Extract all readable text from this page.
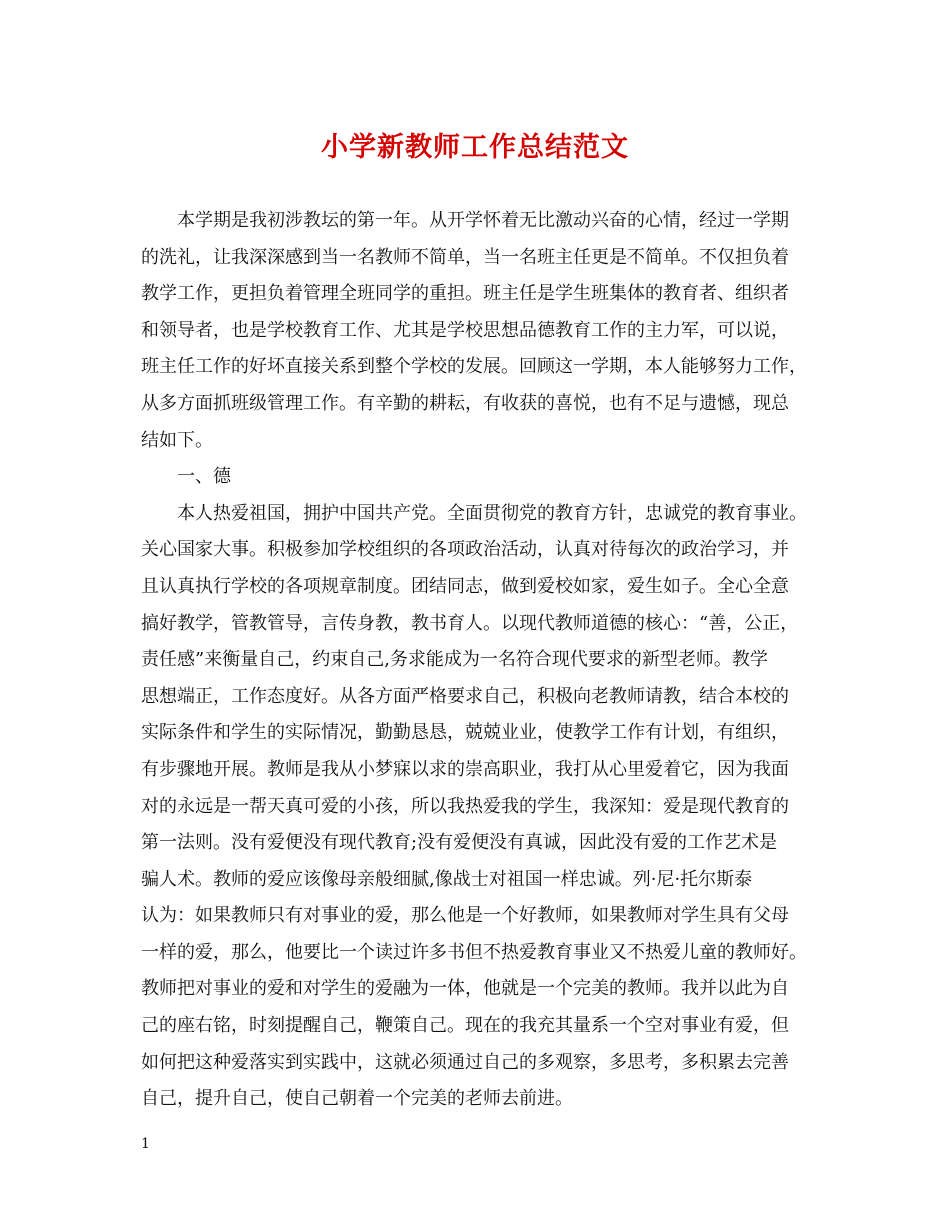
小学新教师工作总结范文
本学期是我初涉教坛的第一年。从开学怀着无比激动兴奋的心情，经过一学期
的洗礼，让我深深感到当一名教师不简单，当一名班主任更是不简单。不仅担负着
教学工作，更担负着管理全班同学的重担。班主任是学生班集体的教育者、组织者
和领导者，也是学校教育工作、尤其是学校思想品德教育工作的主力军，可以说，
班主任工作的好坏直接关系到整个学校的发展。回顾这一学期，本人能够努力工作，
从多方面抓班级管理工作。有辛勤的耕耘，有收获的喜悦，也有不足与遗憾，现总
结如下。
一、德
本人热爱祖国，拥护中国共产党。全面贯彻党的教育方针，忠诚党的教育事业。
关心国家大事。积极参加学校组织的各项政治活动，认真对待每次的政治学习，并
且认真执行学校的各项规章制度。团结同志，做到爱校如家，爱生如子。全心全意
搞好教学，管教管导，言传身教，教书育人。以现代教师道德的核心：“善，公正，
责任感”来衡量自己，约束自己,务求能成为一名符合现代要求的新型老师。教学
思想端正，工作态度好。从各方面严格要求自己，积极向老教师请教，结合本校的
实际条件和学生的实际情况，勤勤恳恳，兢兢业业，使教学工作有计划，有组织，
有步骤地开展。教师是我从小梦寐以求的崇高职业，我打从心里爱着它，因为我面
对的永远是一帮天真可爱的小孩，所以我热爱我的学生，我深知：爱是现代教育的
第一法则。没有爱便没有现代教育;没有爱便没有真诚，因此没有爱的工作艺术是
骗人术。教师的爱应该像母亲般细腻,像战士对祖国一样忠诚。列·尼·托尔斯泰
认为：如果教师只有对事业的爱，那么他是一个好教师，如果教师对学生具有父母
一样的爱，那么，他要比一个读过许多书但不热爱教育事业又不热爱儿童的教师好。
教师把对事业的爱和对学生的爱融为一体，他就是一个完美的教师。我并以此为自
己的座右铭，时刻提醒自己，鞭策自己。现在的我充其量系一个空对事业有爱，但
如何把这种爱落实到实践中，这就必须通过自己的多观察，多思考，多积累去完善
自己，提升自己，使自己朝着一个完美的老师去前进。
1
